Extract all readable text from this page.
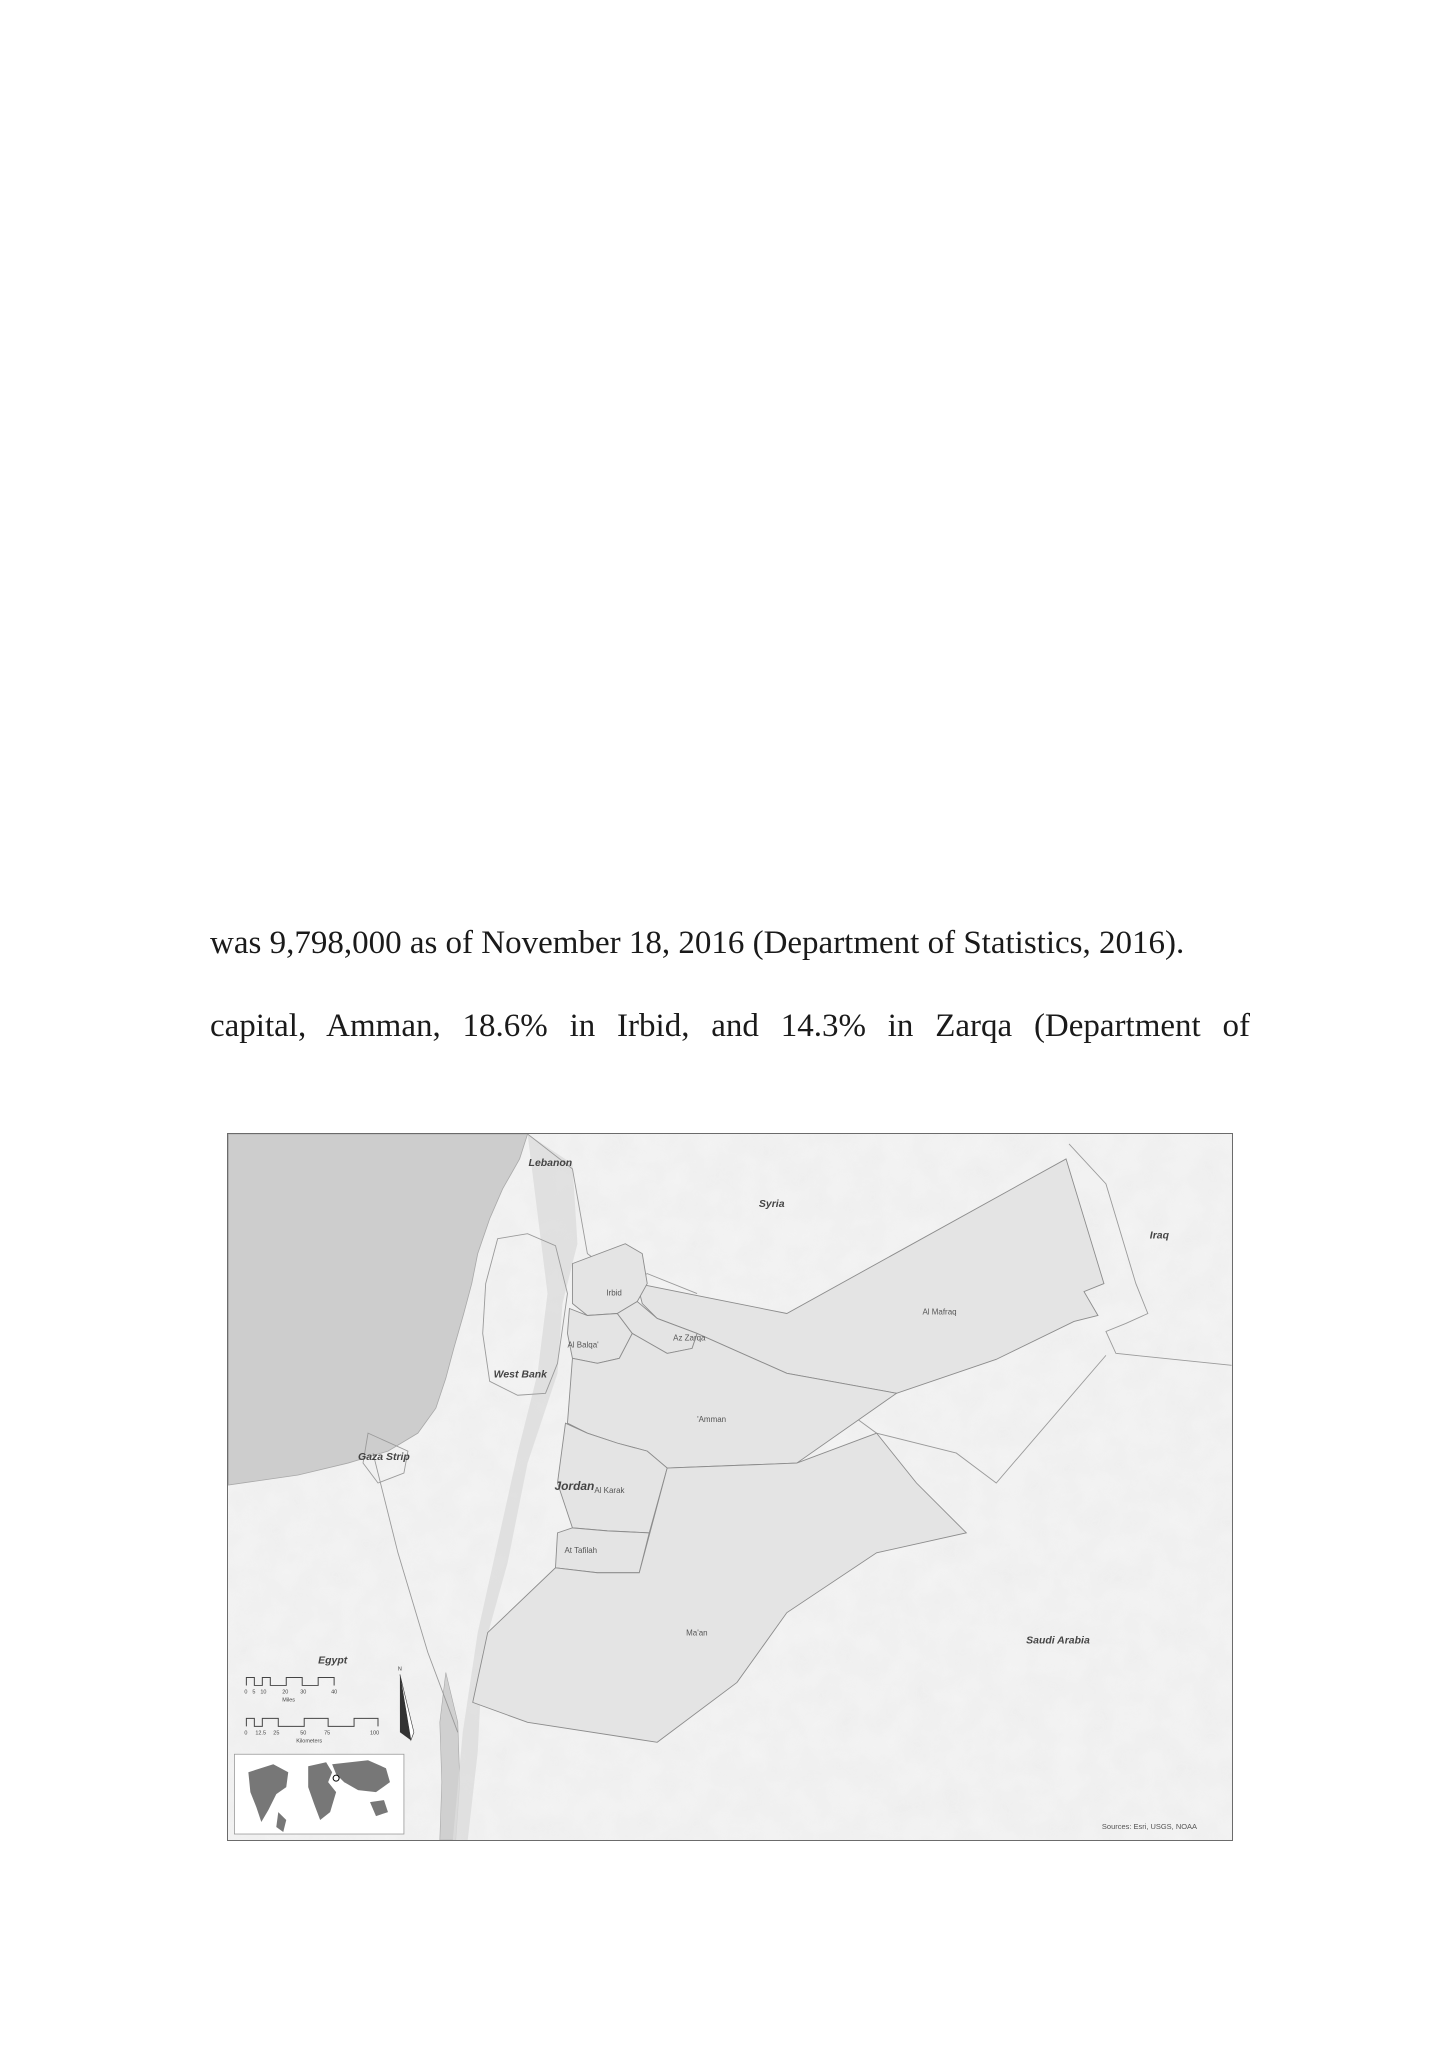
was 9,798,000 as of November 18, 2016 (Department of Statistics, 2016).
capital, Amman, 18.6% in Irbid, and 14.3% in Zarqa (Department of
Lebanon
Syria
Iraq
West Bank
Gaza Strip
Jordan
Egypt
Saudi Arabia
Irbid
Al Mafraq
Al Balqa'
Az Zarqa
'Amman
Al Karak
At Tafilah
Ma'an
0 5 10	20 30	40
Miles
0 12.5 25	50	75	100
Kilometers
N
Sources: Esri, USGS, NOAA
